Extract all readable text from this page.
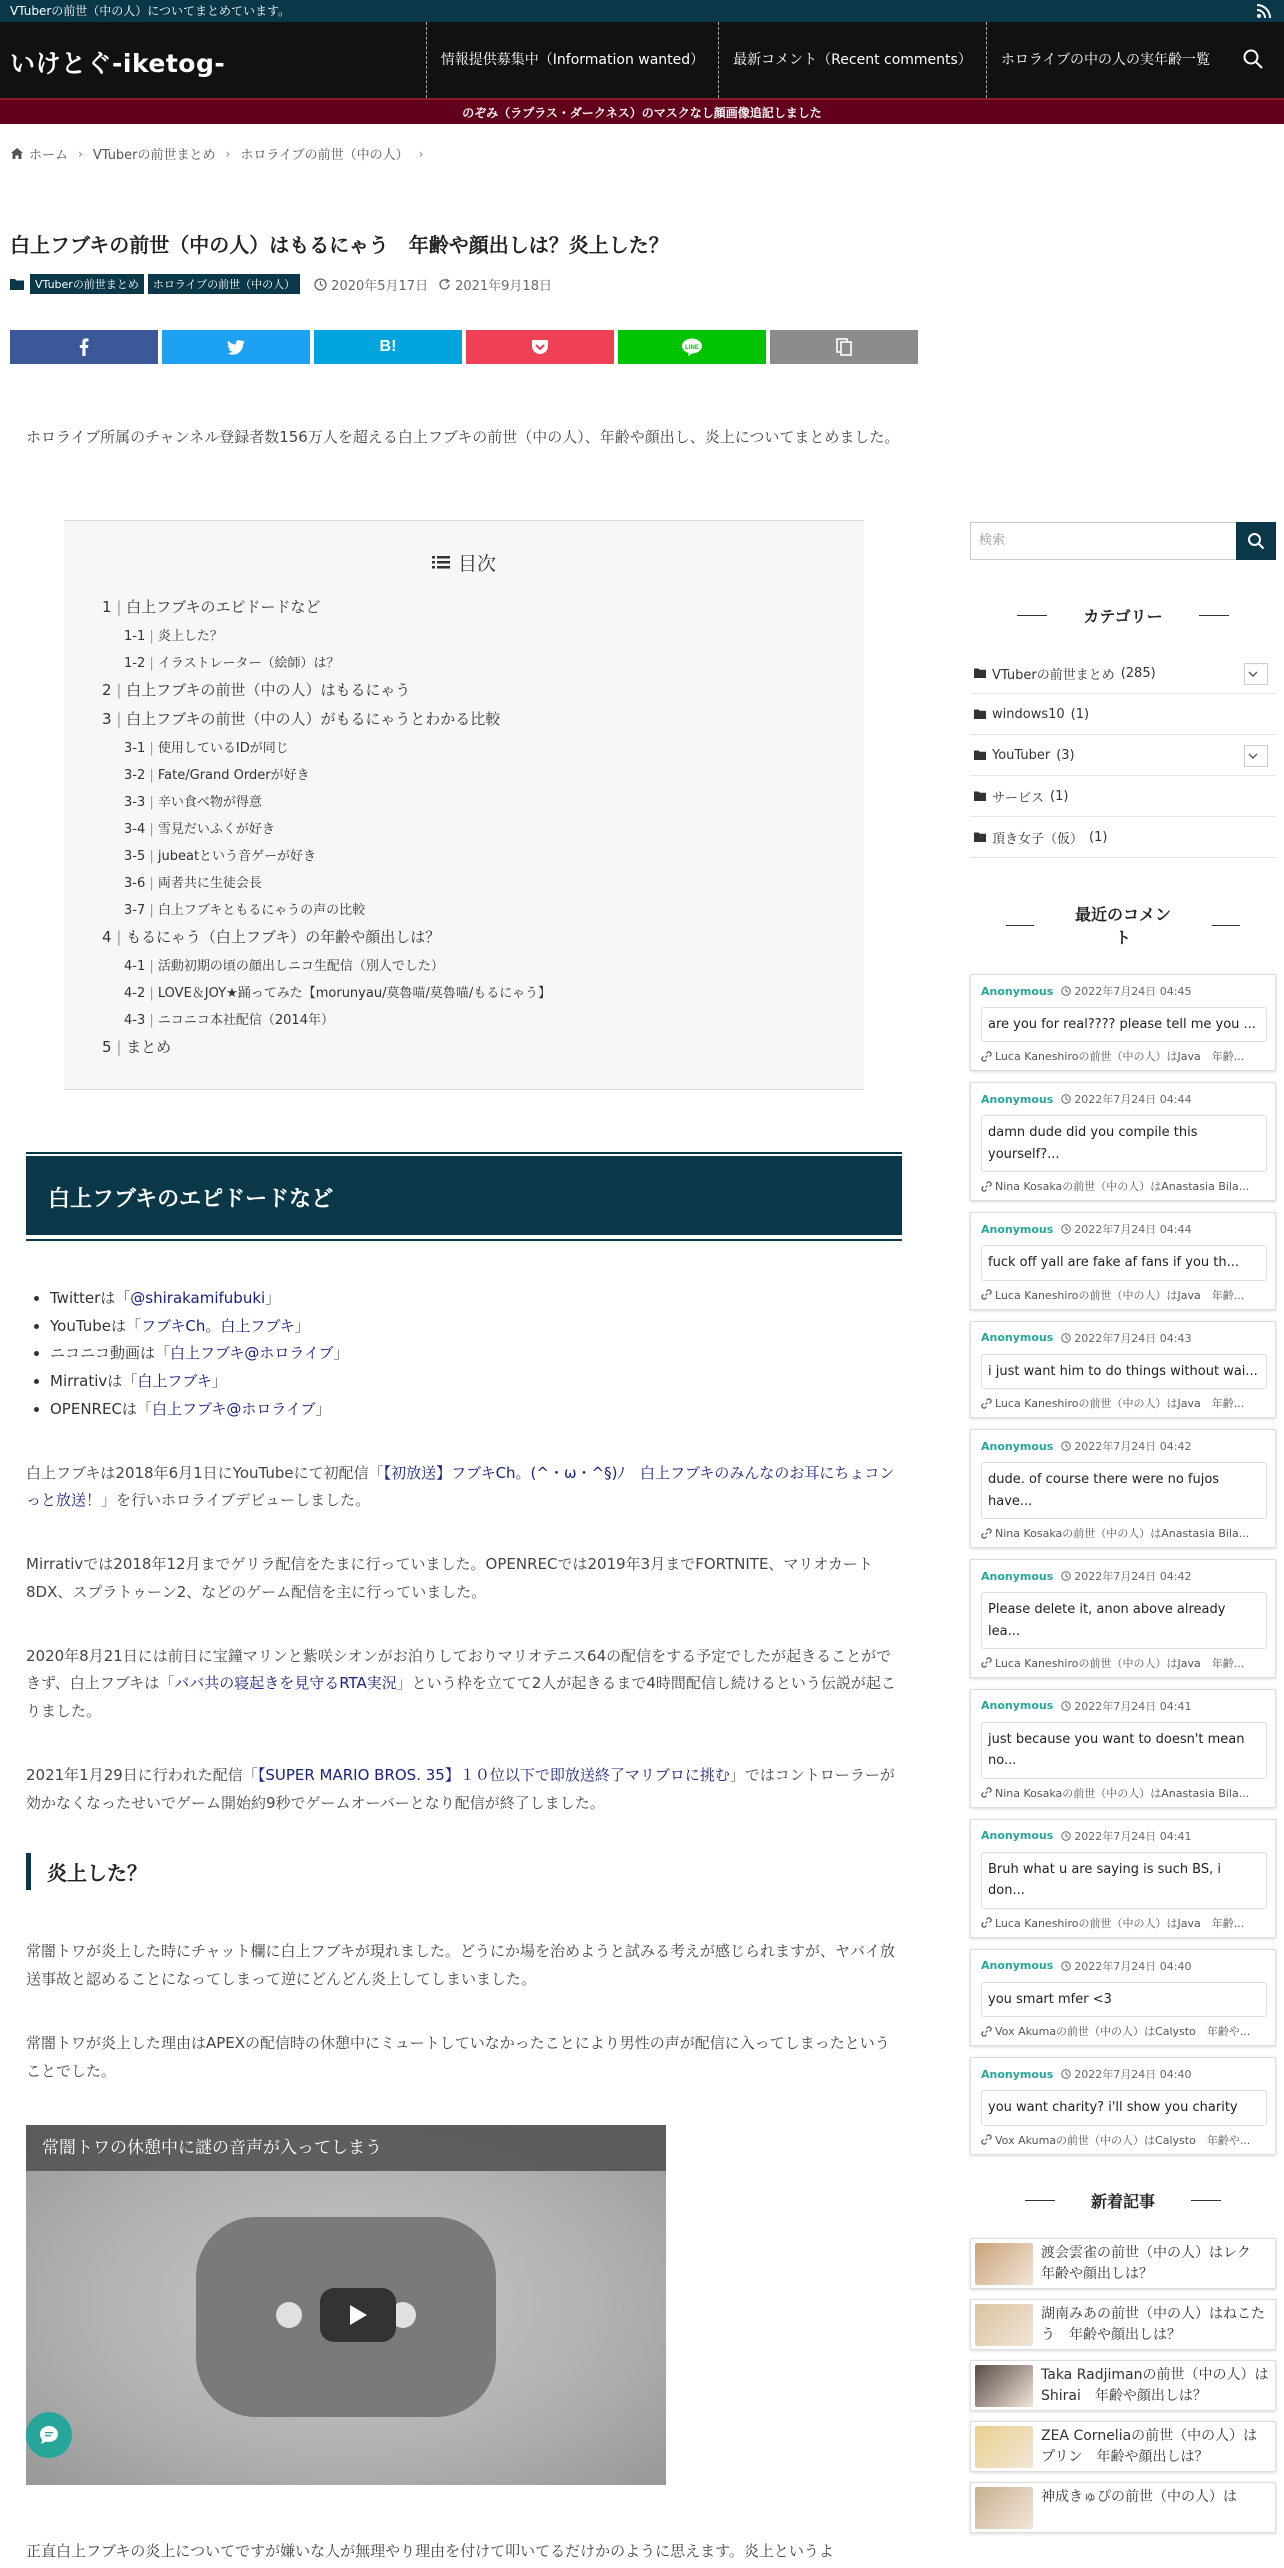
VTuberの前世（中の人）についてまとめています。
いけとぐ-iketog-	情報提供募集中（Information wanted）	最新コメント（Recent comments）	ホロライブの中の人の実年齢一覧
のぞみ（ラプラス・ダークネス）のマスクなし顔画像追記しました
ホーム › VTuberの前世まとめ › ホロライブの前世（中の人） ›
白上フブキの前世（中の人）はもるにゃう　年齢や顔出しは？炎上した？
VTuberの前世まとめ	ホロライブの前世（中の人）	2020年5月17日 2021年9月18日
B!	LINE

ホロライブ所属のチャンネル登録者数156万人を超える白上フブキの前世（中の人）、年齢や顔出し、炎上についてまとめました。

目次
1 | 白上フブキのエピドードなど
1-1 | 炎上した？
1-2 | イラストレーター（絵師）は？
2 | 白上フブキの前世（中の人）はもるにゃう
3 | 白上フブキの前世（中の人）がもるにゃうとわかる比較
3-1 | 使用しているIDが同じ
3-2 | Fate/Grand Orderが好き
3-3 | 辛い食べ物が得意
3-4 | 雪見だいふくが好き
3-5 | jubeatという音ゲーが好き
3-6 | 両者共に生徒会長
3-7 | 白上フブキともるにゃうの声の比較
4 | もるにゃう（白上フブキ）の年齢や顔出しは？
4-1 | 活動初期の頃の顔出しニコ生配信（別人でした）
4-2 | LOVE＆JOY★踊ってみた【morunyau/莫魯喵/莫魯喵/もるにゃう】
4-3 | ニコニコ本社配信（2014年）
5 | まとめ
白上フブキのエピドードなど
• Twitterは「@shirakamifubuki」
• YouTubeは「フブキCh。白上フブキ」
• ニコニコ動画は「白上フブキ@ホロライブ」
• Mirrativは「白上フブキ」
• OPENRECは「白上フブキ@ホロライブ」

白上フブキは2018年6月1日にYouTubeにて初配信「【初放送】フブキCh。(^・ω・^§)ﾉ　白上フブキのみんなのお耳にちょコンっと放送！」を行いホロライブデビューしました。

Mirrativでは2018年12月までゲリラ配信をたまに行っていました。OPENRECでは2019年3月までFORTNITE、マリオカート8DX、スプラトゥーン2、などのゲーム配信を主に行っていました。

2020年8月21日には前日に宝鐘マリンと紫咲シオンがお泊りしておりマリオテニス64の配信をする予定でしたが起きることができず、白上フブキは「ババ共の寝起きを見守るRTA実況」という枠を立てて2人が起きるまで4時間配信し続けるという伝説が起こりました。

2021年1月29日に行われた配信「【SUPER MARIO BROS. 35】１０位以下で即放送終了マリブロに挑む」ではコントローラーが効かなくなったせいでゲーム開始約9秒でゲームオーバーとなり配信が終了しました。

炎上した？

常闇トワが炎上した時にチャット欄に白上フブキが現れました。どうにか場を治めようと試みる考えが感じられますが、ヤバイ放送事故と認めることになってしまって逆にどんどん炎上してしまいました。

常闇トワが炎上した理由はAPEXの配信時の休憩中にミュートしていなかったことにより男性の声が配信に入ってしまったということでした。

常闇トワの休憩中に謎の音声が入ってしまう

正直白上フブキの炎上についてですが嫌いな人が無理やり理由を付けて叩いてるだけかのように思えます。炎上というよ

検索
カテゴリー
VTuberの前世まとめ (285)
windows10 (1)
YouTuber (3)
サービス (1)
頂き女子（仮） (1)
最近のコメント
Anonymous 2022年7月24日 04:45
are you for real???? please tell me you ...
Luca Kaneshiroの前世（中の人）はJava　年齢...
Anonymous 2022年7月24日 04:44
damn dude did you compile this yourself?...
Nina Kosakaの前世（中の人）はAnastasia Bila...
Anonymous 2022年7月24日 04:44
fuck off yall are fake af fans if you th...
Luca Kaneshiroの前世（中の人）はJava　年齢...
Anonymous 2022年7月24日 04:43
i just want him to do things without wai...
Luca Kaneshiroの前世（中の人）はJava　年齢...
Anonymous 2022年7月24日 04:42
dude. of course there were no fujos have...
Nina Kosakaの前世（中の人）はAnastasia Bila...
Anonymous 2022年7月24日 04:42
Please delete it, anon above already lea...
Luca Kaneshiroの前世（中の人）はJava　年齢...
Anonymous 2022年7月24日 04:41
just because you want to doesn't mean no...
Nina Kosakaの前世（中の人）はAnastasia Bila...
Anonymous 2022年7月24日 04:41
Bruh what u are saying is such BS, i don...
Luca Kaneshiroの前世（中の人）はJava　年齢...
Anonymous 2022年7月24日 04:40
you smart mfer <3
Vox Akumaの前世（中の人）はCalysto　年齢や...
Anonymous 2022年7月24日 04:40
you want charity? i'll show you charity
Vox Akumaの前世（中の人）はCalysto　年齢や...
新着記事
渡会雲雀の前世（中の人）はレク　年齢や顔出しは？
湖南みあの前世（中の人）はねこたう　年齢や顔出しは？
Taka Radjimanの前世（中の人）はShirai　年齢や顔出しは？
ZEA Corneliaの前世（中の人）はプリン　年齢や顔出しは？
神成きゅぴの前世（中の人）は
